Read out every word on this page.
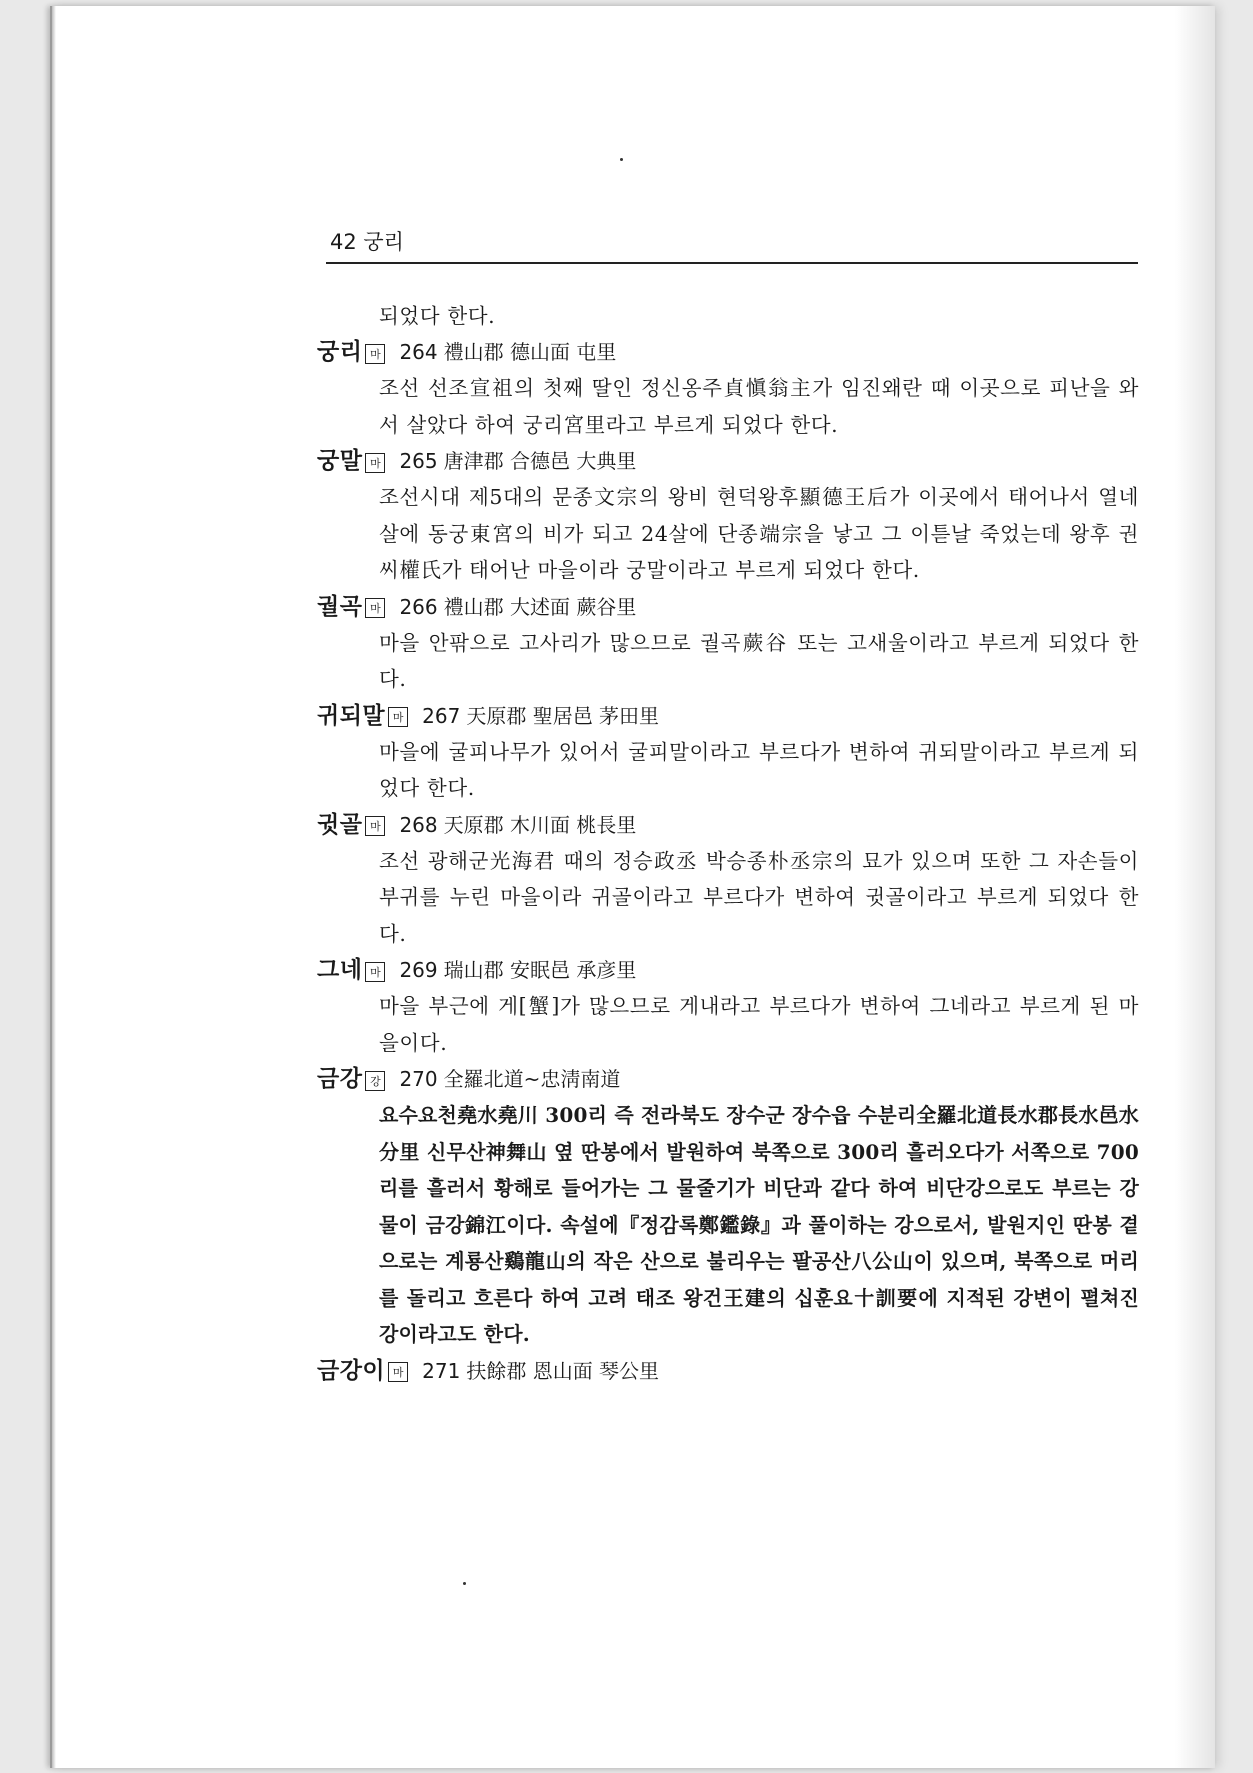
42 궁리
되었다 한다.
궁리 마 264 禮山郡 德山面 屯里
조선 선조宣祖의 첫째 딸인 정신옹주貞愼翁主가 임진왜란 때 이곳으로 피난을 와서 살았다 하여 궁리宮里라고 부르게 되었다 한다.
궁말 마 265 唐津郡 合德邑 大典里
조선시대 제5대의 문종文宗의 왕비 현덕왕후顯德王后가 이곳에서 태어나서 열네살에 동궁東宮의 비가 되고 24살에 단종端宗을 낳고 그 이튿날 죽었는데 왕후 권씨權氏가 태어난 마을이라 궁말이라고 부르게 되었다 한다.
궐곡 마 266 禮山郡 大述面 蕨谷里
마을 안팎으로 고사리가 많으므로 궐곡蕨谷 또는 고새울이라고 부르게 되었다 한다.
귀되말 마 267 天原郡 聖居邑 茅田里
마을에 굴피나무가 있어서 굴피말이라고 부르다가 변하여 귀되말이라고 부르게 되었다 한다.
귓골 마 268 天原郡 木川面 桃長里
조선 광해군光海君 때의 정승政丞 박승종朴丞宗의 묘가 있으며 또한 그 자손들이 부귀를 누린 마을이라 귀골이라고 부르다가 변하여 귓골이라고 부르게 되었다 한다.
그네 마 269 瑞山郡 安眠邑 承彦里
마을 부근에 게[蟹]가 많으므로 게내라고 부르다가 변하여 그네라고 부르게 된 마을이다.
금강 강 270 全羅北道~忠淸南道
요수요천堯水堯川 300리 즉 전라북도 장수군 장수읍 수분리全羅北道長水郡長水邑水分里 신무산神舞山 옆 딴봉에서 발원하여 북쪽으로 300리 흘러오다가 서쪽으로 700리를 흘러서 황해로 들어가는 그 물줄기가 비단과 같다 하여 비단강으로도 부르는 강물이 금강錦江이다. 속설에『정감록鄭鑑錄』과 풀이하는 강으로서, 발원지인 딴봉 곁으로는 계룡산鷄龍山의 작은 산으로 불리우는 팔공산八公山이 있으며, 북쪽으로 머리를 돌리고 흐른다 하여 고려 태조 왕건王建의 십훈요十訓要에 지적된 강변이 펼쳐진 강이라고도 한다.
금강이 마 271 扶餘郡 恩山面 琴公里
